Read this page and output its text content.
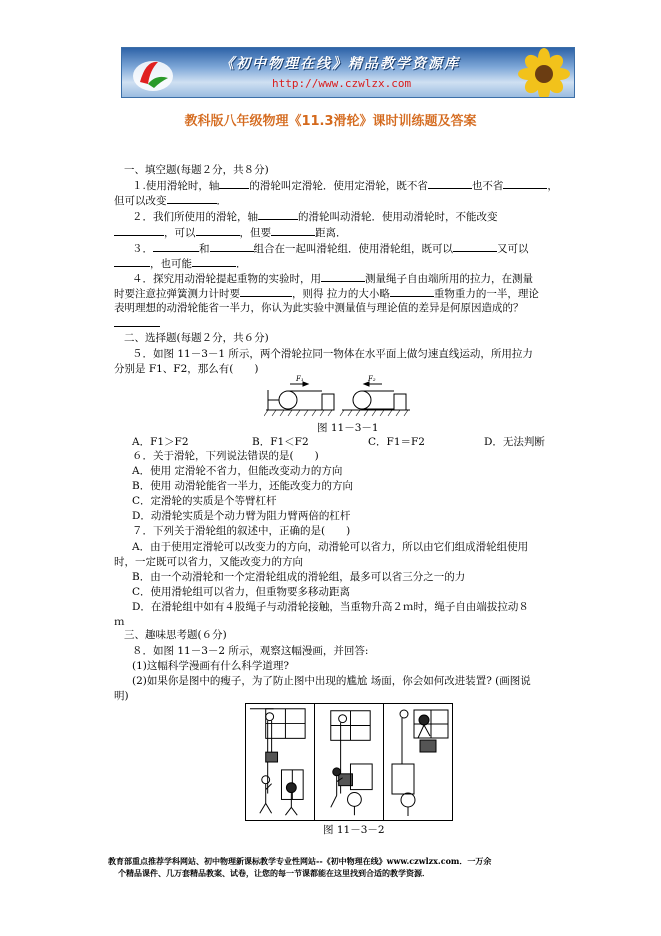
《初中物理在线》精品教学资源库
http://www.czwlzx.com
教科版八年级物理《11.3滑轮》课时训练题及答案
一、填空题(每题２分，共８分)
１.使用滑轮时，轴	的滑轮叫定滑轮．使用定滑轮，既不省	也不省	，
但可以改变	．
２．我们所使用的滑轮，轴	的滑轮叫动滑轮．使用动滑轮时，不能改变
，可以	，但要	距离．
３．	和	组合在一起叫滑轮组．使用滑轮组，既可以	又可以
，也可能	．
４．探究用动滑轮提起重物的实验时，用	测量绳子自由端所用的拉力，在测量
时要注意拉弹簧测力计时要	，则得 拉力的大小略	重物重力的一半，理论
表明理想的动滑轮能省一半力，你认为此实验中测量值与理论值的差异是何原因造成的？
二、选择题(每题２分，共６分)
５．如图 11－3－1 所示，两个滑轮拉同一物体在水平面上做匀速直线运动，所用拉力
分别是 F1、F2，那么有(　　)
F₁	F₂
图 11－3－1
A．F1＞F2	B．F1＜F2	C．F1＝F2	D．无法判断
６．关于滑轮，下列说法错误的是(　　)
A．使用 定滑轮不省力，但能改变动力的方向
B．使用 动滑轮能省一半力，还能改变力的方向
C．定滑轮的实质是个等臂杠杆
D．动滑轮实质是个动力臂为阻力臂两倍的杠杆
７．下列关于滑轮组的叙述中，正确的是(　　)
A．由于使用定滑轮可以改变力的方向，动滑轮可以省力，所以由它们组成滑轮组使用
时，一定既可以省力，又能改变力的方向
B．由一个动滑轮和一个定滑轮组成的滑轮组，最多可以省三分之一的力
C．使用滑轮组可以省力，但重物要多移动距离
D．在滑轮组中如有４股绳子与动滑轮接触，当重物升高２ｍ时，绳子自由端拔拉动８
ｍ
三、趣味思考题(６分)
８．如图 11－3－2 所示，观察这幅漫画，并回答:
(1)这幅科学漫画有什么科学道理?
(2)如果你是图中的瘦子，为了防止图中出现的尴尬 场面，你会如何改进装置? (画图说
明)
图 11－3－2
教育部重点推荐学科网站、初中物理新课标教学专业性网站--《初中物理在线》www.czwlzx.com．一万余
个精品课件、几万套精品教案、试卷，让您的每一节课都能在这里找到合适的教学资源．
